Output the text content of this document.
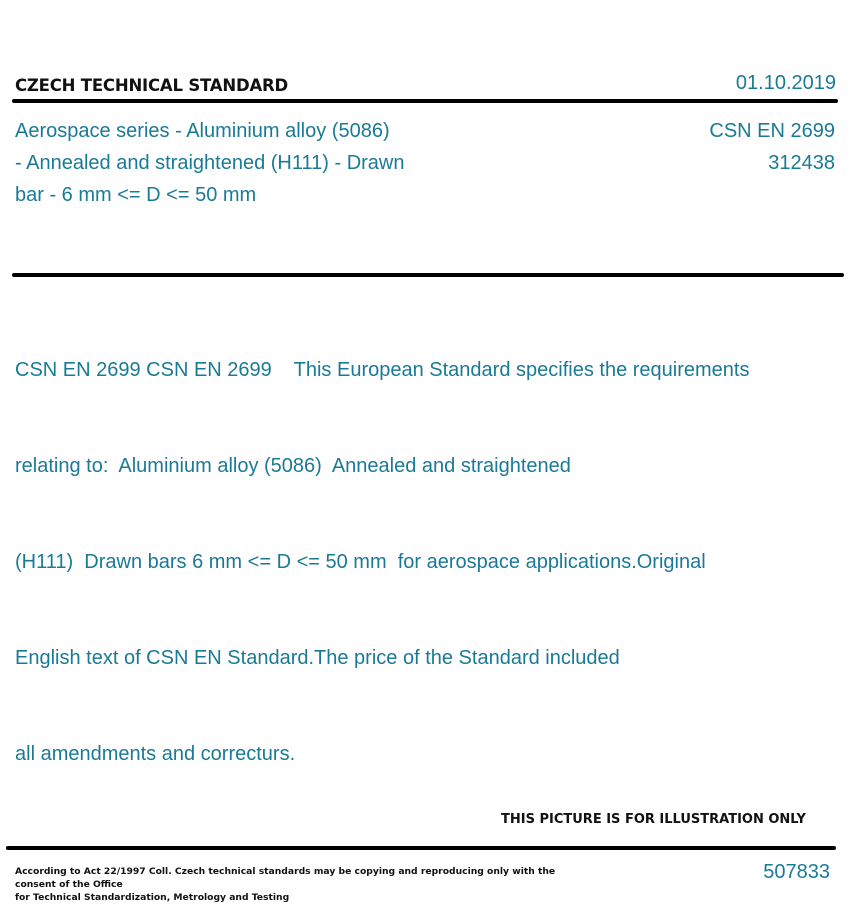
CZECH TECHNICAL STANDARD	01.10.2019
Aerospace series - Aluminium alloy (5086)
- Annealed and straightened (H111) - Drawn
bar - 6 mm <= D <= 50 mm
CSN EN 2699
312438

CSN EN 2699 CSN EN 2699    This European Standard specifies the requirements

relating to:  Aluminium alloy (5086)  Annealed and straightened

(H111)  Drawn bars 6 mm <= D <= 50 mm  for aerospace applications.Original

English text of CSN EN Standard.The price of the Standard included

all amendments and correcturs.

THIS PICTURE IS FOR ILLUSTRATION ONLY
According to Act 22/1997 Coll. Czech technical standards may be copying and reproducing only with the consent of the Office
for Technical Standardization, Metrology and Testing
507833
